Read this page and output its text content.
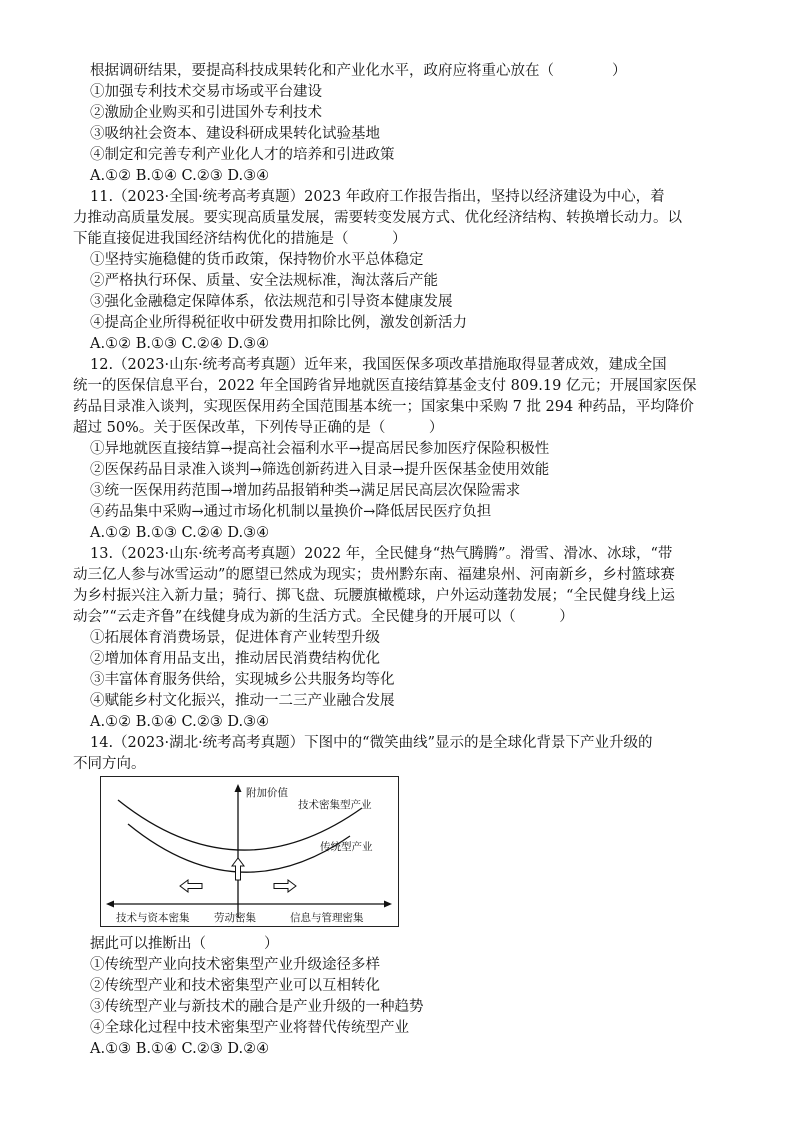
根据调研结果，要提高科技成果转化和产业化水平，政府应将重心放在（　　　　）
①加强专利技术交易市场或平台建设
②激励企业购买和引进国外专利技术
③吸纳社会资本、建设科研成果转化试验基地
④制定和完善专利产业化人才的培养和引进政策
A.①② B.①④ C.②③ D.③④
11.（2023·全国·统考高考真题）2023 年政府工作报告指出，坚持以经济建设为中心，着
力推动高质量发展。要实现高质量发展，需要转变发展方式、优化经济结构、转换增长动力。以
下能直接促进我国经济结构优化的措施是（　　　）
①坚持实施稳健的货币政策，保持物价水平总体稳定
②严格执行环保、质量、安全法规标准，淘汰落后产能
③强化金融稳定保障体系，依法规范和引导资本健康发展
④提高企业所得税征收中研发费用扣除比例，激发创新活力
A.①② B.①③ C.②④ D.③④
12.（2023·山东·统考高考真题）近年来，我国医保多项改革措施取得显著成效，建成全国
统一的医保信息平台，2022 年全国跨省异地就医直接结算基金支付 809.19 亿元；开展国家医保
药品目录准入谈判，实现医保用药全国范围基本统一；国家集中采购 7 批 294 种药品，平均降价
超过 50%。关于医保改革，下列传导正确的是（　　　）
①异地就医直接结算→提高社会福利水平→提高居民参加医疗保险积极性
②医保药品目录准入谈判→筛选创新药进入目录→提升医保基金使用效能
③统一医保用药范围→增加药品报销种类→满足居民高层次保险需求
④药品集中采购→通过市场化机制以量换价→降低居民医疗负担
A.①② B.①③ C.②④ D.③④
13.（2023·山东·统考高考真题）2022 年，全民健身“热气腾腾”。滑雪、滑冰、冰球，“带
动三亿人参与冰雪运动”的愿望已然成为现实；贵州黔东南、福建泉州、河南新乡，乡村篮球赛
为乡村振兴注入新力量；骑行、掷飞盘、玩腰旗橄榄球，户外运动蓬勃发展；“全民健身线上运
动会”“云走齐鲁”在线健身成为新的生活方式。全民健身的开展可以（　　　）
①拓展体育消费场景，促进体育产业转型升级
②增加体育用品支出，推动居民消费结构优化
③丰富体育服务供给，实现城乡公共服务均等化
④赋能乡村文化振兴，推动一二三产业融合发展
A.①② B.①④ C.②③ D.③④
14.（2023·湖北·统考高考真题）下图中的“微笑曲线”显示的是全球化背景下产业升级的
不同方向。
附加价值
技术密集型产业
传统型产业
技术与资本密集 劳动密集	信息与管理密集
据此可以推断出（　　　　）
①传统型产业向技术密集型产业升级途径多样
②传统型产业和技术密集型产业可以互相转化
③传统型产业与新技术的融合是产业升级的一种趋势
④全球化过程中技术密集型产业将替代传统型产业
A.①③ B.①④ C.②③ D.②④
